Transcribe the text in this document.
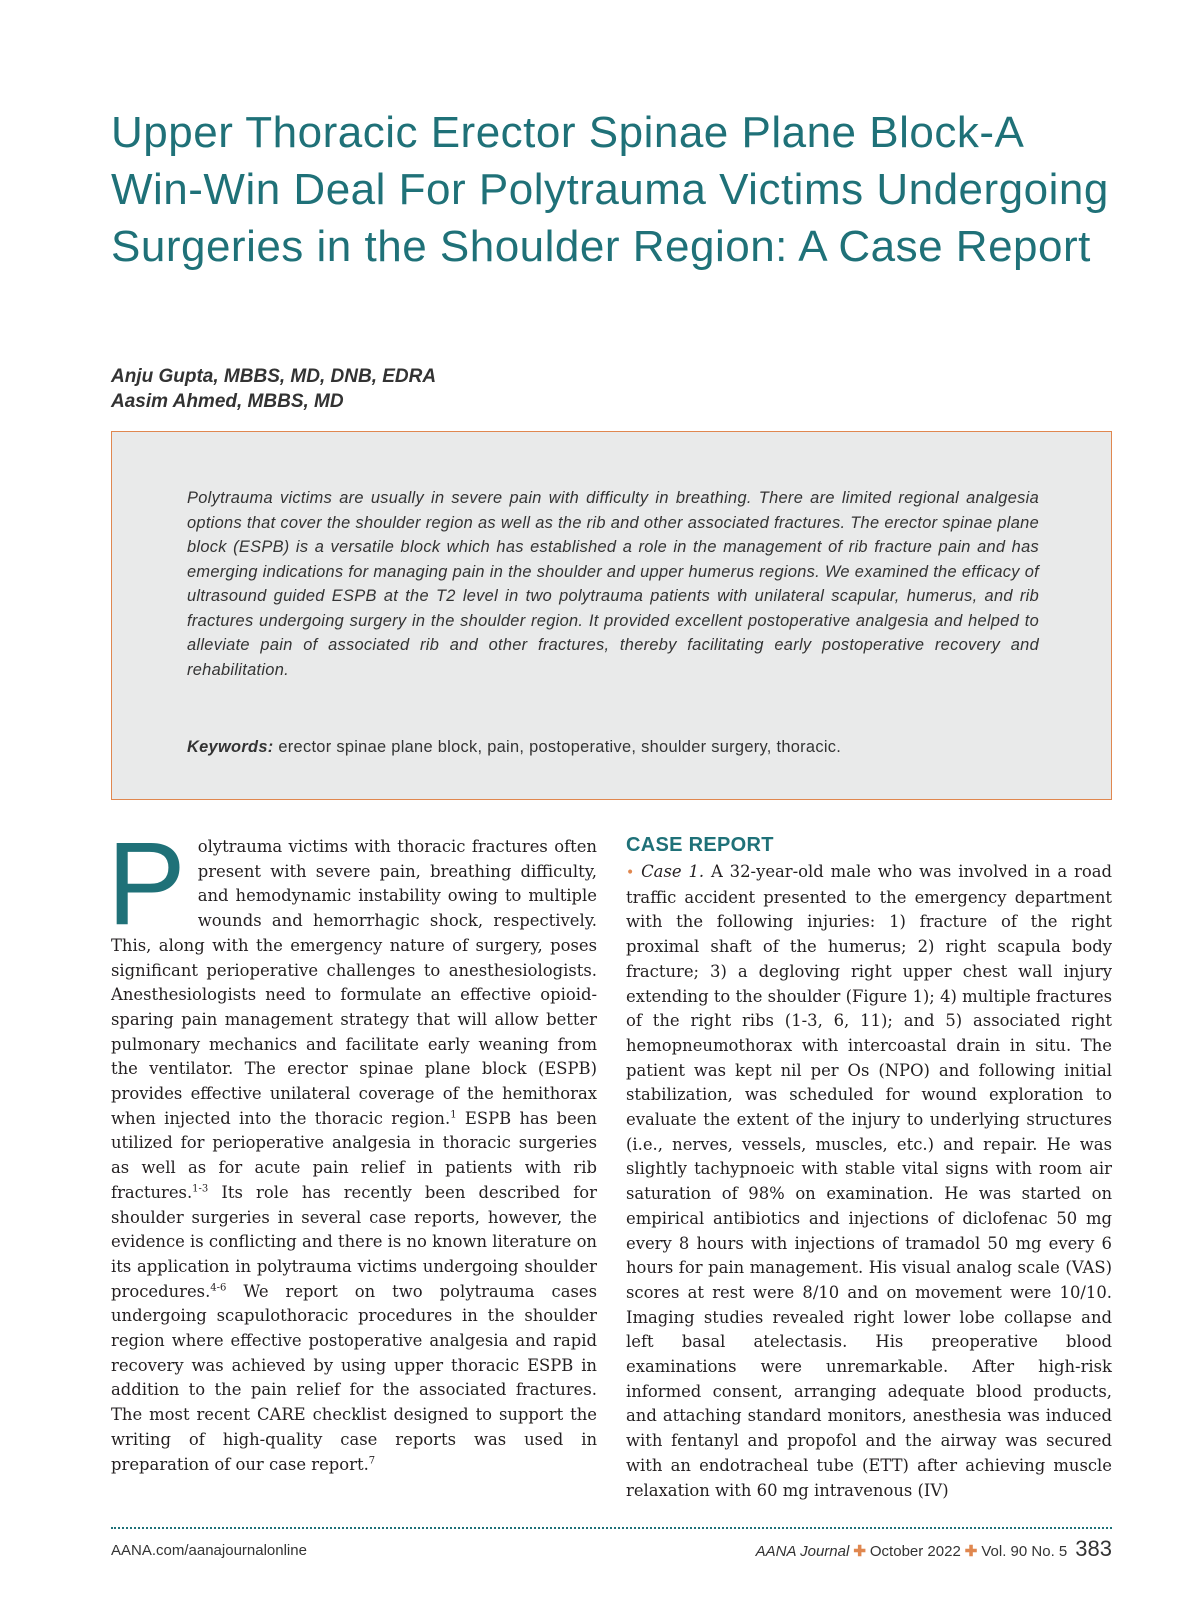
Upper Thoracic Erector Spinae Plane Block-A Win-Win Deal For Polytrauma Victims Undergoing Surgeries in the Shoulder Region: A Case Report
Anju Gupta, MBBS, MD, DNB, EDRA
Aasim Ahmed, MBBS, MD

Polytrauma victims are usually in severe pain with difficulty in breathing. There are limited regional analgesia options that cover the shoulder region as well as the rib and other associated fractures. The erector spinae plane block (ESPB) is a versatile block which has established a role in the management of rib fracture pain and has emerging indications for managing pain in the shoulder and upper humerus regions. We examined the efficacy of ultrasound guided ESPB at the T2 level in two polytrauma patients with unilateral scapular, humerus, and rib fractures undergoing surgery in the shoulder region. It provided excellent postoperative analgesia and helped to alleviate pain of associated rib and other fractures, thereby facilitating early postoperative recovery and rehabilitation.

Keywords: erector spinae plane block, pain, postoperative, shoulder surgery, thoracic.

P olytrauma victims with thoracic fractures often present with severe pain, breathing difficulty, and hemodynamic instability owing to multiple wounds and hemorrhagic shock, respectively. This, along with the emergency nature of surgery, poses significant perioperative challenges to anesthesiologists. Anesthesiologists need to formulate an effective opioid-sparing pain management strategy that will allow better pulmonary mechanics and facilitate early weaning from the ventilator. The erector spinae plane block (ESPB) provides effective unilateral coverage of the hemithorax when injected into the thoracic region.$^1$ ESPB has been utilized for perioperative analgesia in thoracic surgeries as well as for acute pain relief in patients with rib fractures.$^{1-3}$ Its role has recently been described for shoulder surgeries in several case reports, however, the evidence is conflicting and there is no known literature on its application in polytrauma victims undergoing shoulder procedures.$^{4-6}$ We report on two polytrauma cases undergoing scapulothoracic procedures in the shoulder region where effective postoperative analgesia and rapid recovery was achieved by using upper thoracic ESPB in addition to the pain relief for the associated fractures. The most recent CARE checklist designed to support the writing of high-quality case reports was used in preparation of our case report.$^7$

CASE REPORT

• Case 1. A 32-year-old male who was involved in a road traffic accident presented to the emergency department with the following injuries: 1) fracture of the right proximal shaft of the humerus; 2) right scapula body fracture; 3) a degloving right upper chest wall injury extending to the shoulder (Figure 1); 4) multiple fractures of the right ribs (1-3, 6, 11); and 5) associated right hemopneumothorax with intercoastal drain in situ. The patient was kept nil per Os (NPO) and following initial stabilization, was scheduled for wound exploration to evaluate the extent of the injury to underlying structures (i.e., nerves, vessels, muscles, etc.) and repair. He was slightly tachypnoeic with stable vital signs with room air saturation of 98% on examination. He was started on empirical antibiotics and injections of diclofenac 50 mg every 8 hours with injections of tramadol 50 mg every 6 hours for pain management. His visual analog scale (VAS) scores at rest were 8/10 and on movement were 10/10. Imaging studies revealed right lower lobe collapse and left basal atelectasis. His preoperative blood examinations were unremarkable. After high-risk informed consent, arranging adequate blood products, and attaching standard monitors, anesthesia was induced with fentanyl and propofol and the airway was secured with an endotracheal tube (ETT) after achieving muscle relaxation with 60 mg intravenous (IV)

AANA.com/aanajournalonline	AANA Journal ✚ October 2022 ✚ Vol. 90 No. 5 383
